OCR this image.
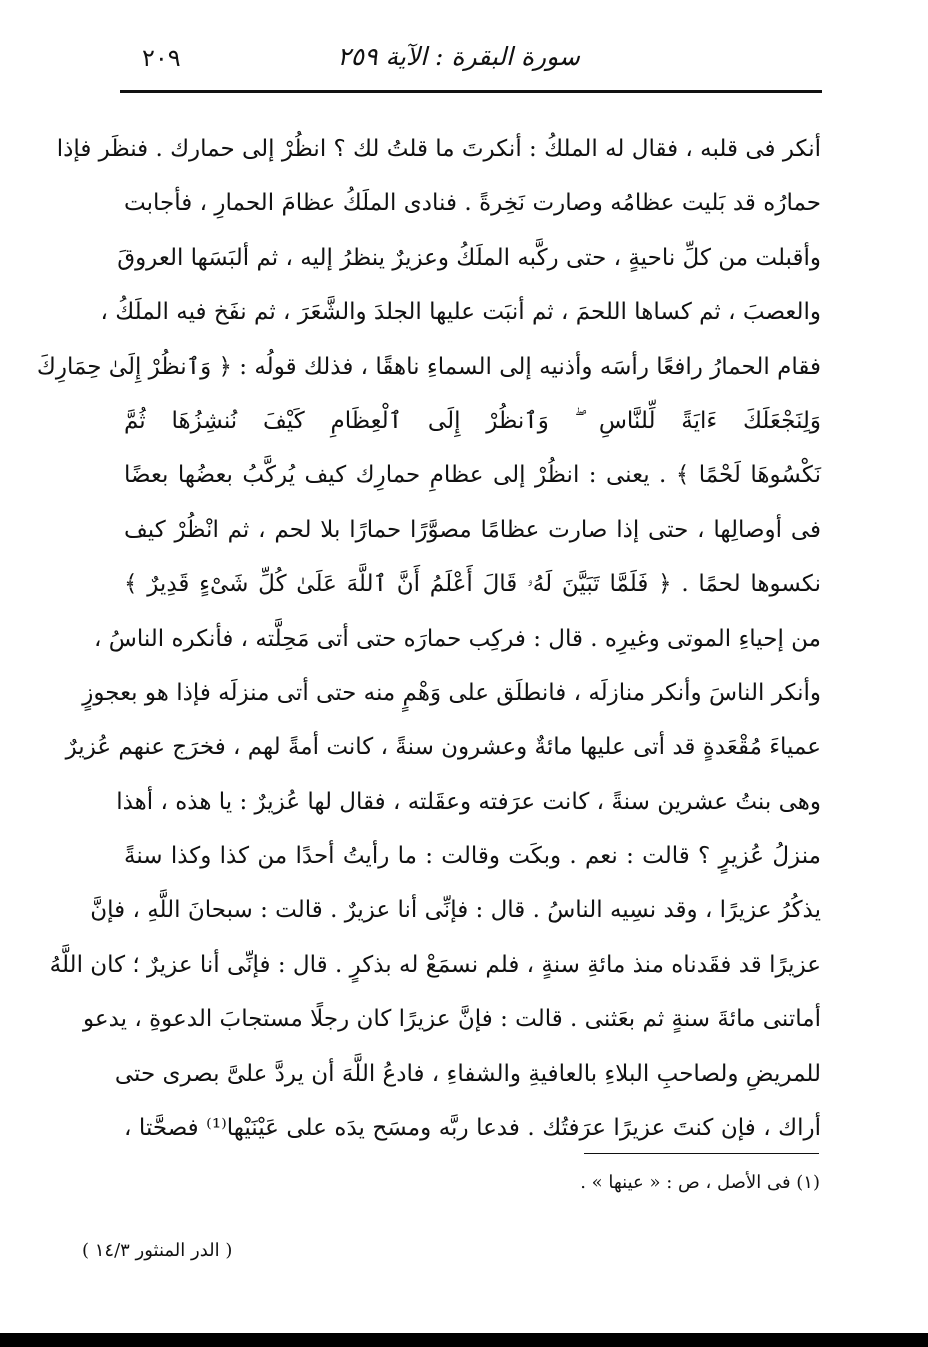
سورة البقرة : الآية ٢٥٩
٢٠٩
أنكر فى قلبه ، فقال له الملكُ : أنكرتَ ما قلتُ لك ؟ انظُرْ إلى حمارك . فنظَر فإذا
حمارُه قد بَليت عظامُه وصارت نَخِرةً . فنادى الملَكُ عظامَ الحمارِ ، فأجابت
وأقبلت من كلِّ ناحيةٍ ، حتى ركَّبه الملَكُ وعزيرٌ ينظرُ إليه ، ثم ألبَسَها العروقَ
والعصبَ ، ثم كساها اللحمَ ، ثم أنبَت عليها الجلدَ والشَّعَرَ ، ثم نفَخ فيه الملَكُ ،
فقام الحمارُ رافعًا رأسَه وأذنيه إلى السماءِ ناهقًا ، فذلك قولُه : ﴿ وَٱنظُرْ إِلَىٰ حِمَارِكَ
وَلِنَجْعَلَكَ ءَايَةً لِّلنَّاسِ ۖ وَٱنظُرْ إِلَى ٱلْعِظَامِ كَيْفَ نُنشِزُهَا ثُمَّ
نَكْسُوهَا لَحْمًا ﴾ . يعنى : انظُرْ إلى عظامِ حمارِك كيف يُركَّبُ بعضُها بعضًا
فى أوصالِها ، حتى إذا صارت عظامًا مصوَّرًا حمارًا بلا لحم ، ثم انْظُرْ كيف
نكسوها لحمًا . ﴿ فَلَمَّا تَبَيَّنَ لَهُۥ قَالَ أَعْلَمُ أَنَّ ٱللَّهَ عَلَىٰ كُلِّ شَىْءٍ قَدِيرٌ ﴾
من إحياءِ الموتى وغيرِه . قال : فركِب حمارَه حتى أتى مَحِلَّته ، فأنكره الناسُ ،
وأنكر الناسَ وأنكر منازلَه ، فانطلَق على وَهْمٍ منه حتى أتى منزلَه فإذا هو بعجوزٍ
عمياءَ مُقْعَدةٍ قد أتى عليها مائةٌ وعشرون سنةً ، كانت أمةً لهم ، فخرَج عنهم عُزيرٌ
وهى بنتُ عشرين سنةً ، كانت عرَفته وعقَلته ، فقال لها عُزيرٌ : يا هذه ، أهذا
منزلُ عُزيرٍ ؟ قالت : نعم . وبكَت وقالت : ما رأيتُ أحدًا من كذا وكذا سنةً
يذكُرُ عزيرًا ، وقد نسِيه الناسُ . قال : فإنِّى أنا عزيرٌ . قالت : سبحانَ اللَّهِ ، فإنَّ
عزيرًا قد فقَدناه منذ مائةِ سنةٍ ، فلم نسمَعْ له بذكرٍ . قال : فإنِّى أنا عزيرٌ ؛ كان اللَّهُ
أماتنى مائةَ سنةٍ ثم بعَثنى . قالت : فإنَّ عزيرًا كان رجلًا مستجابَ الدعوةِ ، يدعو
للمريضِ ولصاحبِ البلاءِ بالعافيةِ والشفاءِ ، فادعُ اللَّهَ أن يردَّ علىَّ بصرى حتى
أراك ، فإن كنتَ عزيرًا عرَفتُك . فدعا ربَّه ومسَح يدَه على عَيْنَيْها⁽¹⁾ فصحَّتا ،
(١) فى الأصل ، ص : « عينها » .
( الدر المنثور ١٤/٣ )
